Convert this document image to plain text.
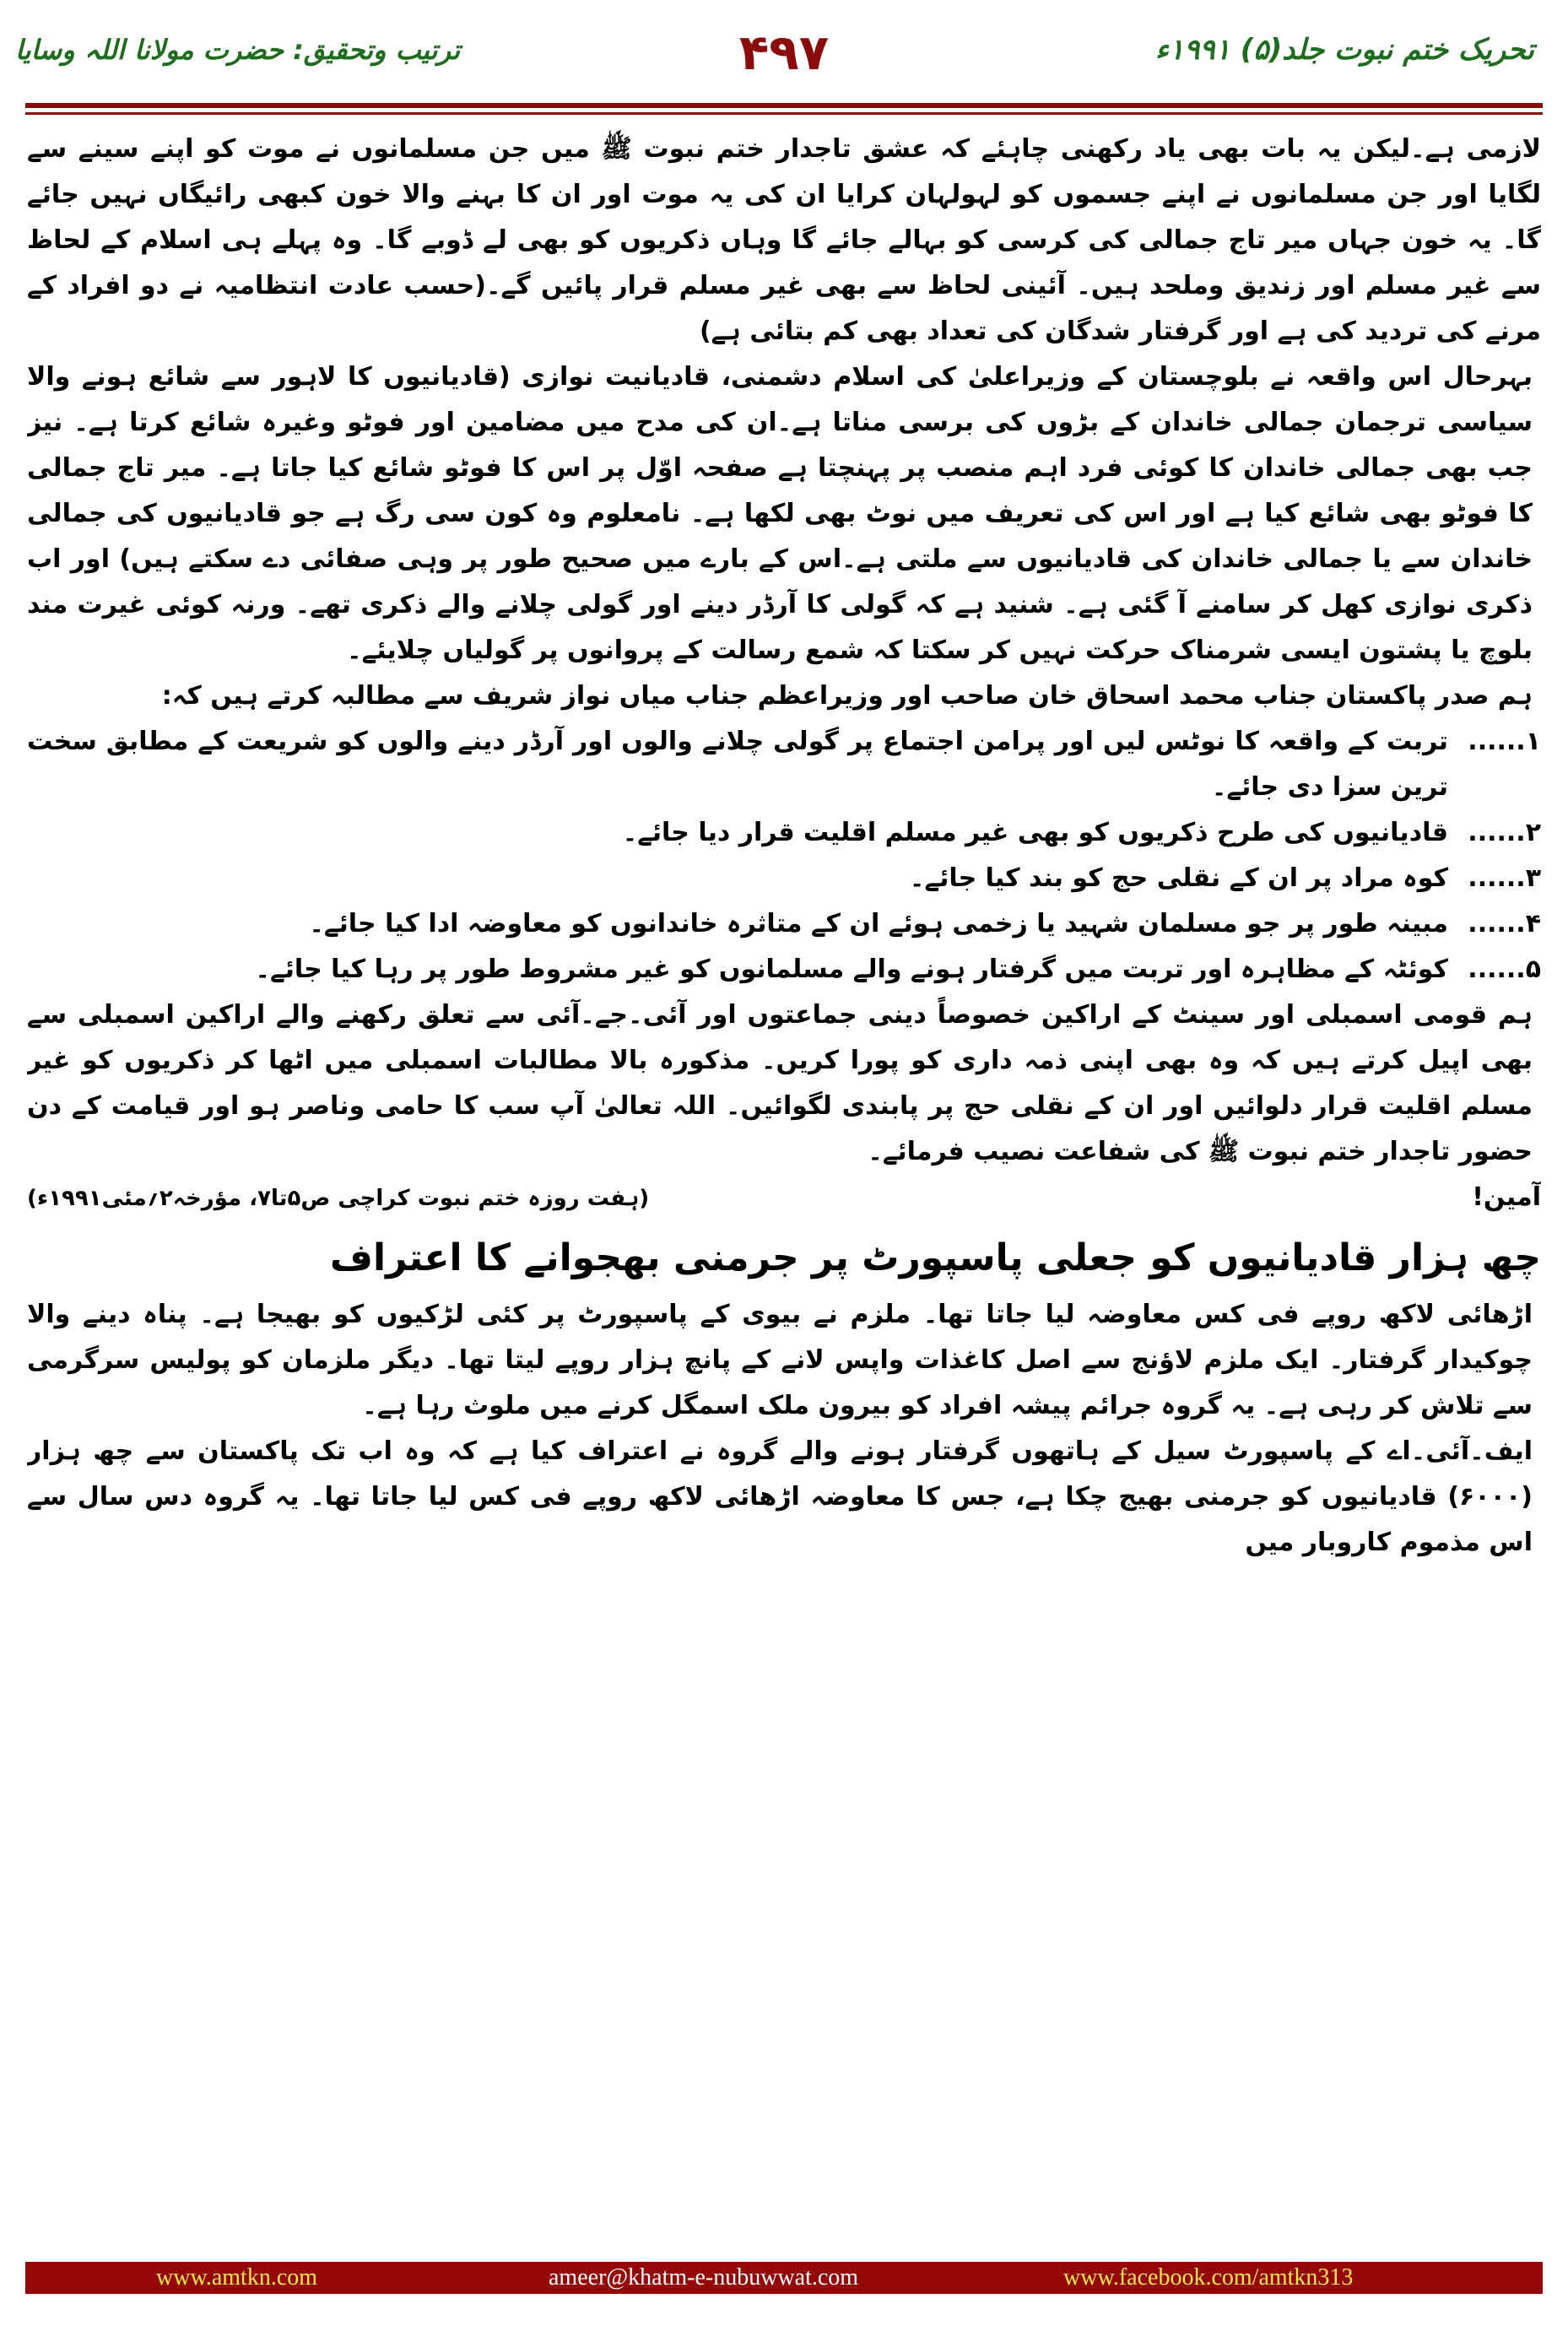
تحریک ختم نبوت جلد(۵) ۱۹۹۱ء
۴۹۷
ترتیب وتحقیق: حضرت مولانا اللہ وسایا

لازمی ہے۔لیکن یہ بات بھی یاد رکھنی چاہئے کہ عشق تاجدار ختم نبوت ﷺ میں جن مسلمانوں نے موت کو اپنے سینے سے لگایا اور جن مسلمانوں نے اپنے جسموں کو لہولہان کرایا ان کی یہ موت اور ان کا بہنے والا خون کبھی رائیگاں نہیں جائے گا۔ یہ خون جہاں میر تاج جمالی کی کرسی کو بہالے جائے گا وہاں ذکریوں کو بھی لے ڈوبے گا۔ وہ پہلے ہی اسلام کے لحاظ سے غیر مسلم اور زندیق وملحد ہیں۔ آئینی لحاظ سے بھی غیر مسلم قرار پائیں گے۔(حسب عادت انتظامیہ نے دو افراد کے مرنے کی تردید کی ہے اور گرفتار شدگان کی تعداد بھی کم بتائی ہے)

بہرحال اس واقعہ نے بلوچستان کے وزیراعلیٰ کی اسلام دشمنی، قادیانیت نوازی (قادیانیوں کا لاہور سے شائع ہونے والا سیاسی ترجمان جمالی خاندان کے بڑوں کی برسی مناتا ہے۔ان کی مدح میں مضامین اور فوٹو وغیرہ شائع کرتا ہے۔ نیز جب بھی جمالی خاندان کا کوئی فرد اہم منصب پر پہنچتا ہے صفحہ اوّل پر اس کا فوٹو شائع کیا جاتا ہے۔ میر تاج جمالی کا فوٹو بھی شائع کیا ہے اور اس کی تعریف میں نوٹ بھی لکھا ہے۔ نامعلوم وہ کون سی رگ ہے جو قادیانیوں کی جمالی خاندان سے یا جمالی خاندان کی قادیانیوں سے ملتی ہے۔اس کے بارے میں صحیح طور پر وہی صفائی دے سکتے ہیں) اور اب ذکری نوازی کھل کر سامنے آ گئی ہے۔ شنید ہے کہ گولی کا آرڈر دینے اور گولی چلانے والے ذکری تھے۔ ورنہ کوئی غیرت مند بلوچ یا پشتون ایسی شرمناک حرکت نہیں کر سکتا کہ شمع رسالت کے پروانوں پر گولیاں چلایئے۔

ہم صدر پاکستان جناب محمد اسحاق خان صاحب اور وزیراعظم جناب میاں نواز شریف سے مطالبہ کرتے ہیں کہ:

۱......
تربت کے واقعہ کا نوٹس لیں اور پرامن اجتماع پر گولی چلانے والوں اور آرڈر دینے والوں کو شریعت کے مطابق سخت ترین سزا دی جائے۔
۲......
قادیانیوں کی طرح ذکریوں کو بھی غیر مسلم اقلیت قرار دیا جائے۔
۳......
کوہ مراد پر ان کے نقلی حج کو بند کیا جائے۔
۴......
مبینہ طور پر جو مسلمان شہید یا زخمی ہوئے ان کے متاثرہ خاندانوں کو معاوضہ ادا کیا جائے۔
۵......
کوئٹہ کے مظاہرہ اور تربت میں گرفتار ہونے والے مسلمانوں کو غیر مشروط طور پر رہا کیا جائے۔

ہم قومی اسمبلی اور سینٹ کے اراکین خصوصاً دینی جماعتوں اور آئی۔جے۔آئی سے تعلق رکھنے والے اراکین اسمبلی سے بھی اپیل کرتے ہیں کہ وہ بھی اپنی ذمہ داری کو پورا کریں۔ مذکورہ بالا مطالبات اسمبلی میں اٹھا کر ذکریوں کو غیر مسلم اقلیت قرار دلوائیں اور ان کے نقلی حج پر پابندی لگوائیں۔ اللہ تعالیٰ آپ سب کا حامی وناصر ہو اور قیامت کے دن حضور تاجدار ختم نبوت ﷺ کی شفاعت نصیب فرمائے۔

آمین!
(ہفت روزہ ختم نبوت کراچی ص۵تا۷، مؤرخہ۲؍مئی۱۹۹۱ء)
چھ ہزار قادیانیوں کو جعلی پاسپورٹ پر جرمنی بھجوانے کا اعتراف

اڑھائی لاکھ روپے فی کس معاوضہ لیا جاتا تھا۔ ملزم نے بیوی کے پاسپورٹ پر کئی لڑکیوں کو بھیجا ہے۔ پناہ دینے والا چوکیدار گرفتار۔ ایک ملزم لاؤنج سے اصل کاغذات واپس لانے کے پانچ ہزار روپے لیتا تھا۔ دیگر ملزمان کو پولیس سرگرمی سے تلاش کر رہی ہے۔ یہ گروہ جرائم پیشہ افراد کو بیرون ملک اسمگل کرنے میں ملوث رہا ہے۔

ایف۔آئی۔اے کے پاسپورٹ سیل کے ہاتھوں گرفتار ہونے والے گروہ نے اعتراف کیا ہے کہ وہ اب تک پاکستان سے چھ ہزار (۶۰۰۰) قادیانیوں کو جرمنی بھیج چکا ہے، جس کا معاوضہ اڑھائی لاکھ روپے فی کس لیا جاتا تھا۔ یہ گروہ دس سال سے اس مذموم کاروبار میں

www.amtkn.com	ameer@khatm-e-nubuwwat.com	www.facebook.com/amtkn313
